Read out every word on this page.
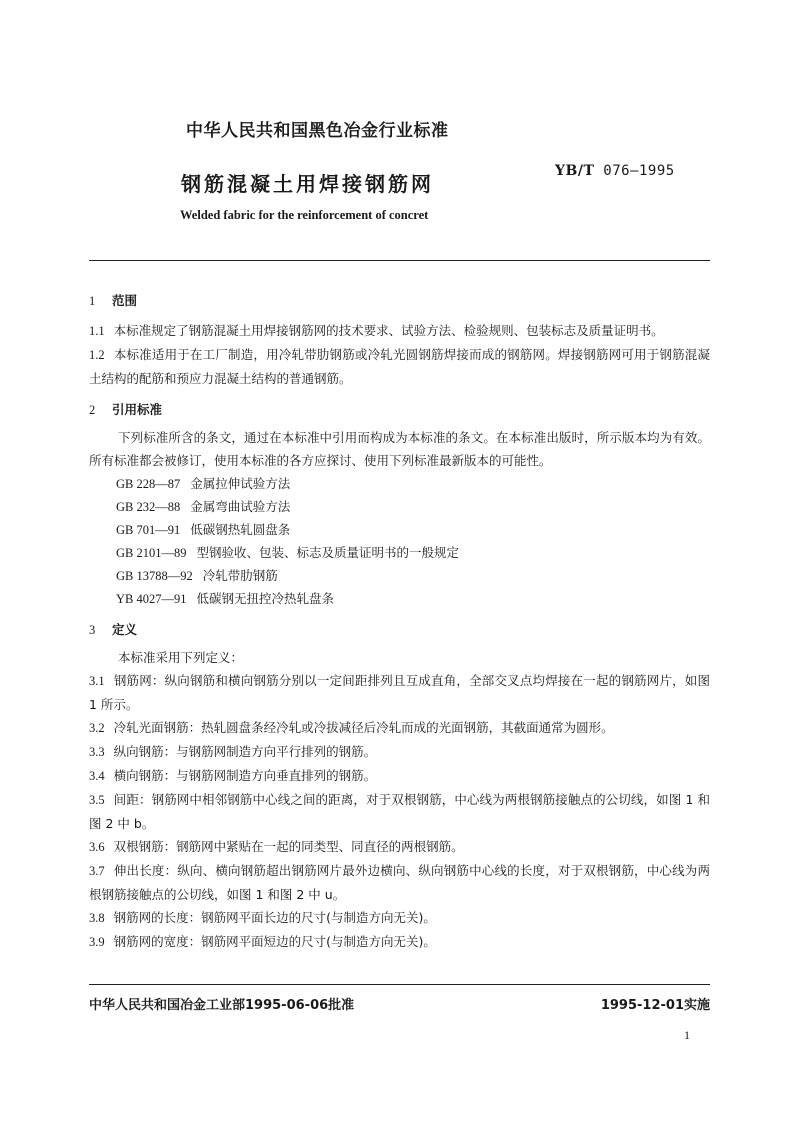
中华人民共和国黑色冶金行业标准
钢筋混凝土用焊接钢筋网
YB/T 076—1995
Welded fabric for the reinforcement of concret
1 范围
1.1 本标准规定了钢筋混凝土用焊接钢筋网的技术要求、试验方法、检验规则、包装标志及质量证明书。
1.2 本标准适用于在工厂制造，用冷轧带肋钢筋或冷轧光圆钢筋焊接而成的钢筋网。焊接钢筋网可用于钢筋混凝土结构的配筋和预应力混凝土结构的普通钢筋。
2 引用标准
下列标准所含的条文，通过在本标准中引用而构成为本标准的条文。在本标准出版时，所示版本均为有效。所有标准都会被修订，使用本标准的各方应探讨、使用下列标准最新版本的可能性。
GB 228—87 金属拉伸试验方法
GB 232—88 金属弯曲试验方法
GB 701—91 低碳钢热轧圆盘条
GB 2101—89 型钢验收、包装、标志及质量证明书的一般规定
GB 13788—92 冷轧带肋钢筋
YB 4027—91 低碳钢无扭控冷热轧盘条
3 定义
本标准采用下列定义：
3.1 钢筋网：纵向钢筋和横向钢筋分别以一定间距排列且互成直角，全部交叉点均焊接在一起的钢筋网片，如图 1 所示。
3.2 冷轧光面钢筋：热轧圆盘条经冷轧或冷拔减径后冷轧而成的光面钢筋，其截面通常为圆形。
3.3 纵向钢筋：与钢筋网制造方向平行排列的钢筋。
3.4 横向钢筋：与钢筋网制造方向垂直排列的钢筋。
3.5 间距：钢筋网中相邻钢筋中心线之间的距离，对于双根钢筋，中心线为两根钢筋接触点的公切线，如图 1 和图 2 中 b。
3.6 双根钢筋：钢筋网中紧贴在一起的同类型、同直径的两根钢筋。
3.7 伸出长度：纵向、横向钢筋超出钢筋网片最外边横向、纵向钢筋中心线的长度，对于双根钢筋，中心线为两根钢筋接触点的公切线，如图 1 和图 2 中 u。
3.8 钢筋网的长度：钢筋网平面长边的尺寸(与制造方向无关)。
3.9 钢筋网的宽度：钢筋网平面短边的尺寸(与制造方向无关)。
中华人民共和国冶金工业部1995-06-06批准	1995-12-01实施
1
